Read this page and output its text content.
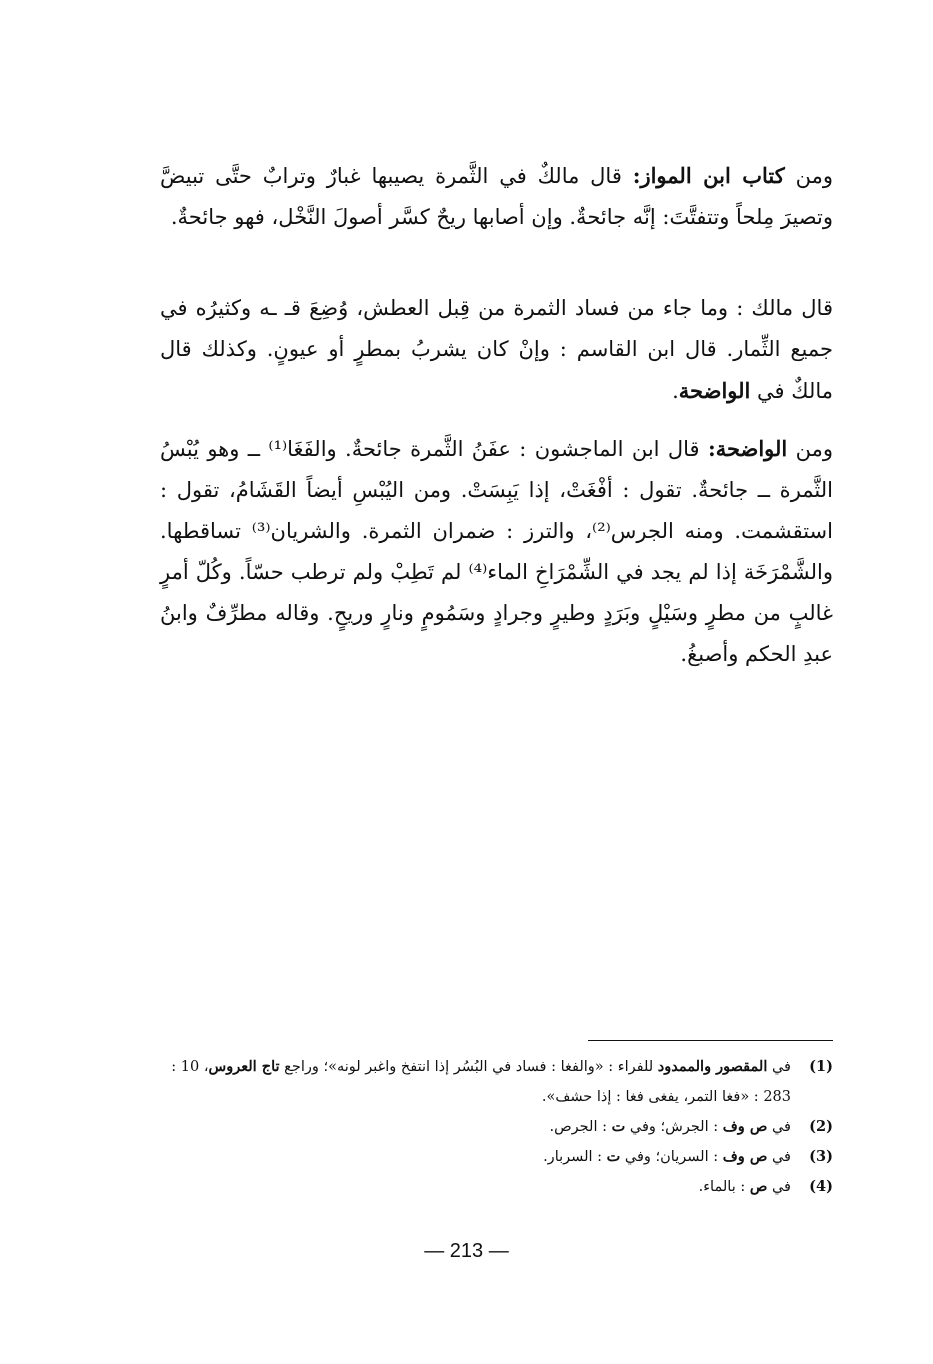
ومن كتاب ابن المواز: قال مالكٌ في الثَّمرة يصيبها غبارٌ وترابٌ حتَّى تبيضَّ وتصيرَ مِلحاً وتتفتَّتَ: إنَّه جائحةٌ. وإن أصابها ريحٌ كسَّر أصولَ النَّخْل، فهو جائحةٌ.

قال مالك : وما جاء من فساد الثمرة من قِبل العطش، وُضِعَ قـ ـه وكثيرُه في جميع الثِّمار. قال ابن القاسم : وإنْ كان يشربُ بمطرٍ أو عيونٍ. وكذلك قال مالكٌ في الواضحة.

ومن الواضحة: قال ابن الماجشون : عفَنُ الثَّمرة جائحةٌ. والفَغَا⁽¹⁾ ــ وهو يُبْسُ الثَّمرة ــ جائحةٌ. تقول : أفْغَتْ، إذا يَبِسَتْ. ومن اليُبْسِ أيضاً القَشَامُ، تقول : استقشمت. ومنه الجرس⁽²⁾، والترز : ضمران الثمرة. والشريان⁽³⁾ تساقطها. والشَّمْرَخَة إذا لم يجد في الشِّمْرَاخِ الماء⁽⁴⁾ لم تَطِبْ ولم ترطب حسّاً. وكُلّ أمرٍ غالبٍ من مطرٍ وسَيْلٍ وبَرَدٍ وطيرٍ وجرادٍ وسَمُومٍ ونارٍ وريحٍ. وقاله مطرِّفٌ وابنُ عبدِ الحكم وأصبغُ.

(1)
في المقصور والممدود للفراء : «والفغا : فساد في البُسُر إذا انتفخ واغبر لونه»؛ وراجع تاج العروس، 10 : 283 : «فغا التمر، يفغى فغا : إذا حشف».
(2)
في ص وف : الجرش؛ وفي ت : الجرص.
(3)
في ص وف : السريان؛ وفي ت : السربار.
(4)
في ص : بالماء.
— 213 —
